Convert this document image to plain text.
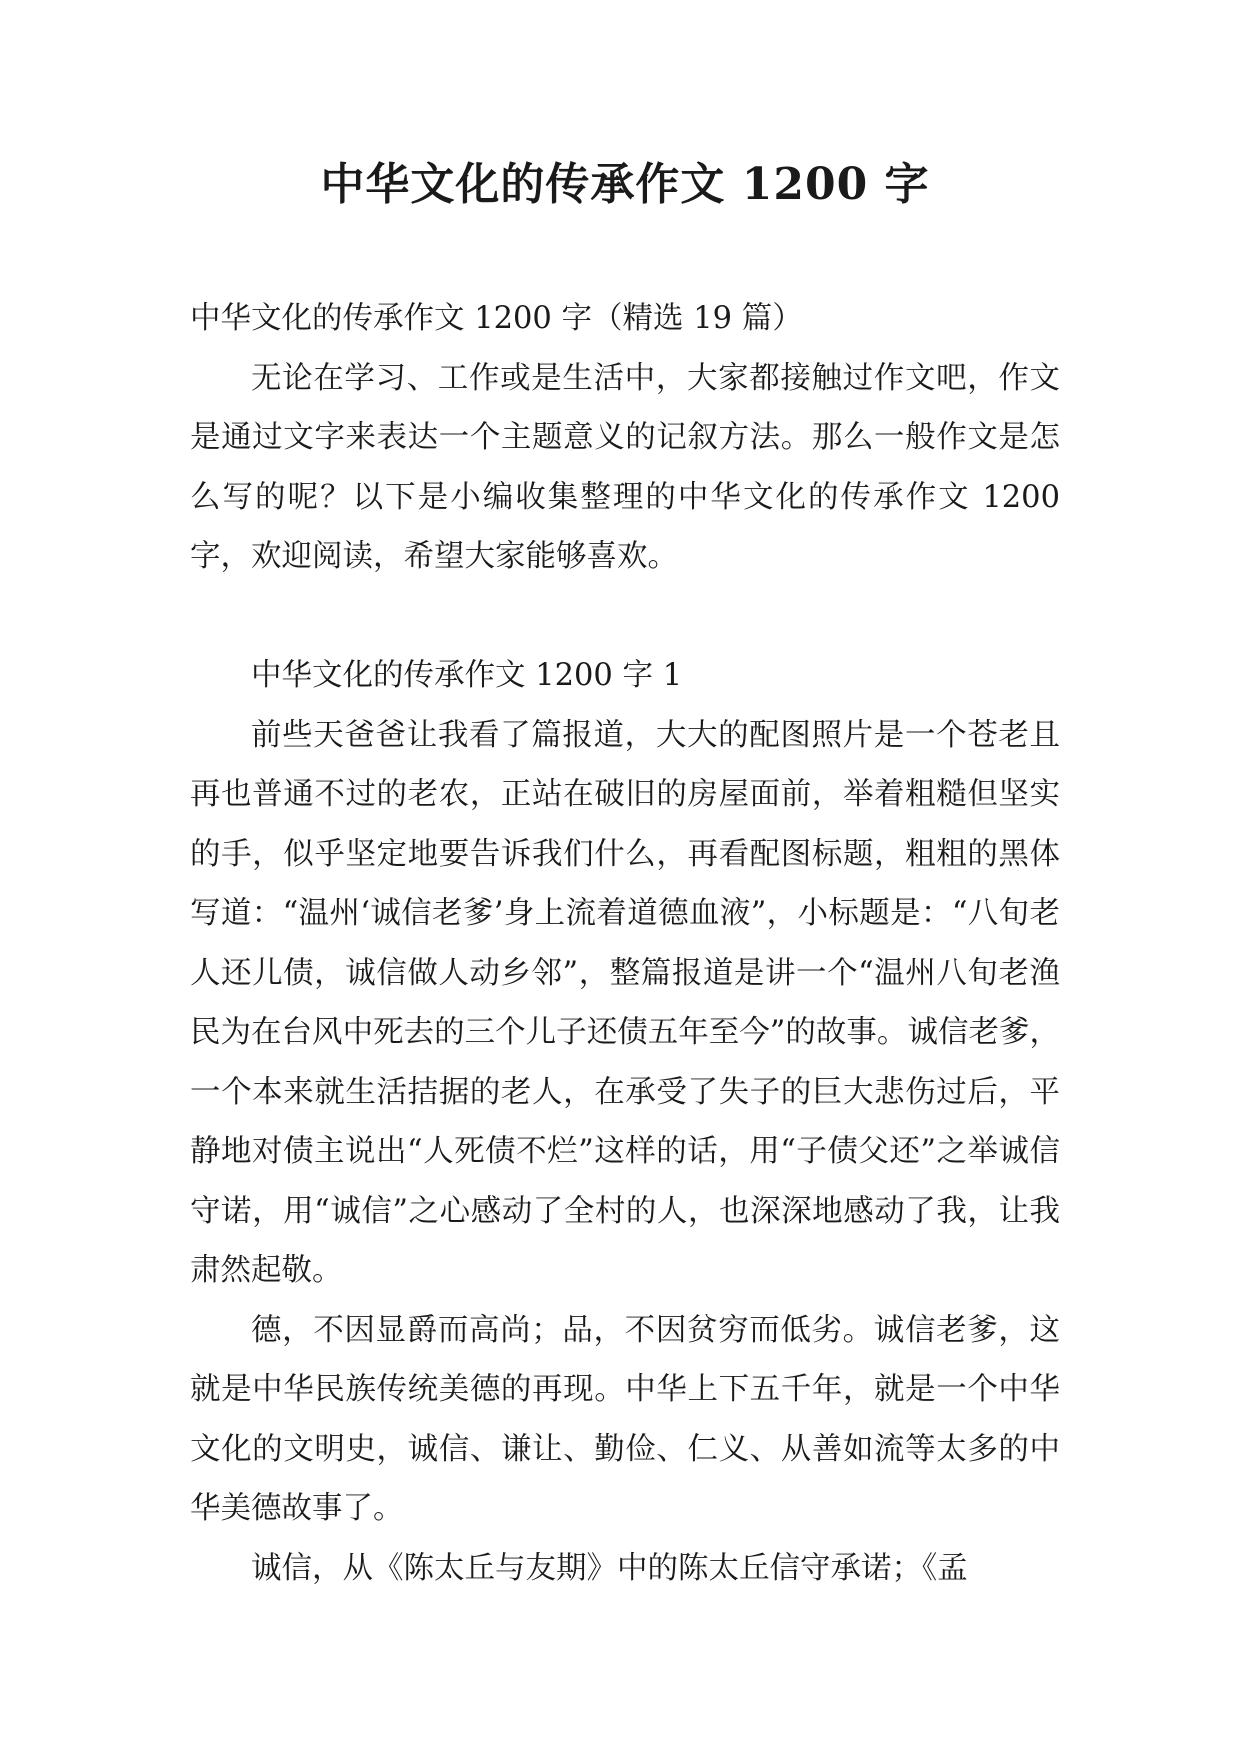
中华文化的传承作文 1200 字

中华文化的传承作文 1200 字（精选 19 篇）

无论在学习、工作或是生活中，大家都接触过作文吧，作文是通过文字来表达一个主题意义的记叙方法。那么一般作文是怎么写的呢？以下是小编收集整理的中华文化的传承作文 1200 字，欢迎阅读，希望大家能够喜欢。

中华文化的传承作文 1200 字 1

前些天爸爸让我看了篇报道，大大的配图照片是一个苍老且再也普通不过的老农，正站在破旧的房屋面前，举着粗糙但坚实的手，似乎坚定地要告诉我们什么，再看配图标题，粗粗的黑体写道：“温州‘诚信老爹’身上流着道德血液”，小标题是：“八旬老人还儿债，诚信做人动乡邻”，整篇报道是讲一个“温州八旬老渔民为在台风中死去的三个儿子还债五年至今”的故事。诚信老爹，一个本来就生活拮据的老人，在承受了失子的巨大悲伤过后，平静地对债主说出“人死债不烂”这样的话，用“子债父还”之举诚信守诺，用“诚信”之心感动了全村的人，也深深地感动了我，让我肃然起敬。

德，不因显爵而高尚；品，不因贫穷而低劣。诚信老爹，这就是中华民族传统美德的再现。中华上下五千年，就是一个中华文化的文明史，诚信、谦让、勤俭、仁义、从善如流等太多的中华美德故事了。

诚信，从《陈太丘与友期》中的陈太丘信守承诺；《孟
